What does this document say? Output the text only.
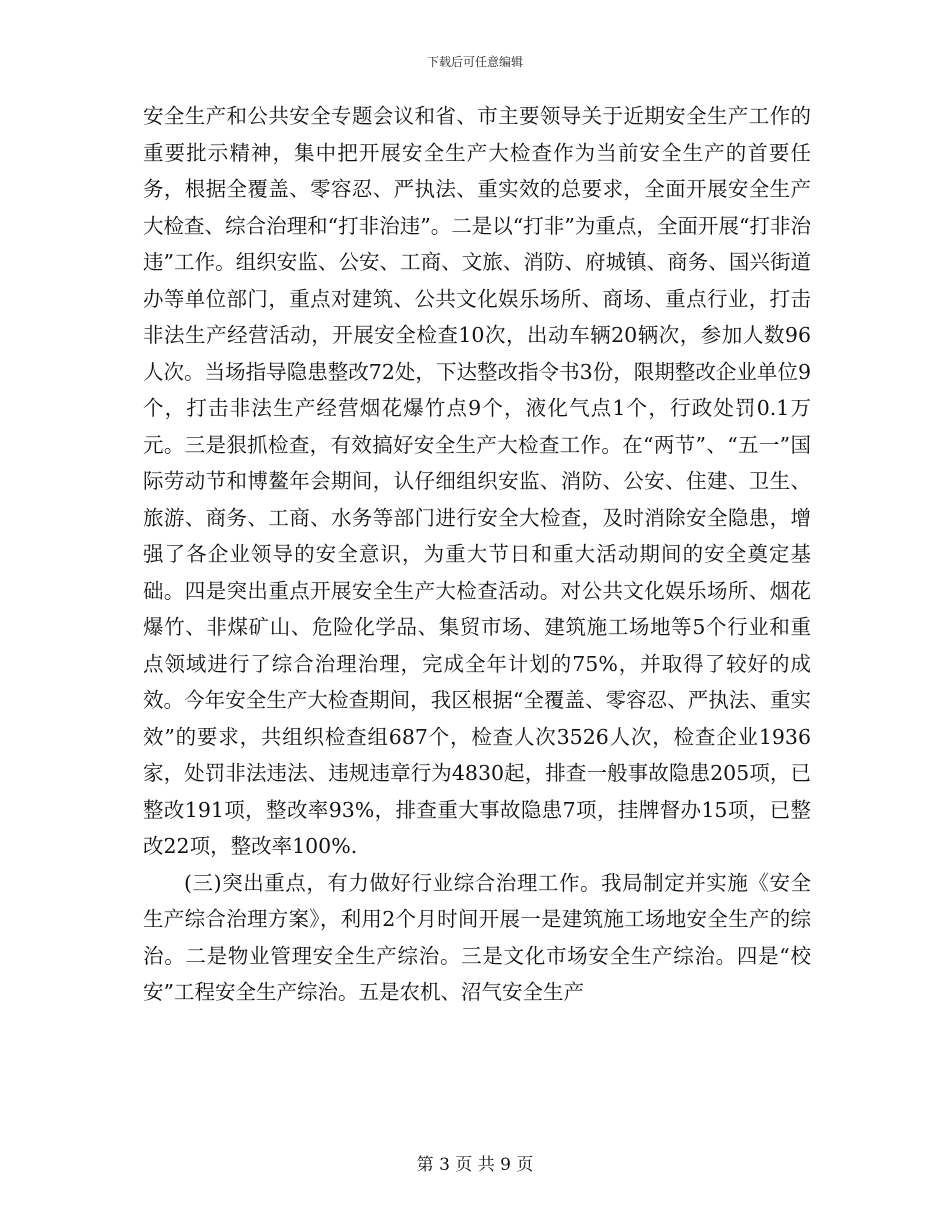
下载后可任意编辑

安全生产和公共安全专题会议和省、市主要领导关于近期安全生产工作的重要批示精神，集中把开展安全生产大检查作为当前安全生产的首要任务，根据全覆盖、零容忍、严执法、重实效的总要求，全面开展安全生产大检查、综合治理和“打非治违”。二是以“打非”为重点，全面开展“打非治违”工作。组织安监、公安、工商、文旅、消防、府城镇、商务、国兴街道办等单位部门，重点对建筑、公共文化娱乐场所、商场、重点行业，打击非法生产经营活动，开展安全检查10次，出动车辆20辆次，参加人数96人次。当场指导隐患整改72处，下达整改指令书3份，限期整改企业单位9个，打击非法生产经营烟花爆竹点9个，液化气点1个，行政处罚0.1万元。三是狠抓检查，有效搞好安全生产大检查工作。在“两节”、“五一”国际劳动节和博鳌年会期间，认仔细组织安监、消防、公安、住建、卫生、旅游、商务、工商、水务等部门进行安全大检查，及时消除安全隐患，增强了各企业领导的安全意识，为重大节日和重大活动期间的安全奠定基础。四是突出重点开展安全生产大检查活动。对公共文化娱乐场所、烟花爆竹、非煤矿山、危险化学品、集贸市场、建筑施工场地等5个行业和重点领域进行了综合治理治理，完成全年计划的75%，并取得了较好的成效。今年安全生产大检查期间，我区根据“全覆盖、零容忍、严执法、重实效”的要求，共组织检查组687个，检查人次3526人次，检查企业1936家，处罚非法违法、违规违章行为4830起，排查一般事故隐患205项，已整改191项，整改率93%，排查重大事故隐患7项，挂牌督办15项，已整改22项，整改率100%.

(三)突出重点，有力做好行业综合治理工作。我局制定并实施《安全生产综合治理方案》，利用2个月时间开展一是建筑施工场地安全生产的综治。二是物业管理安全生产综治。三是文化市场安全生产综治。四是“校安”工程安全生产综治。五是农机、沼气安全生产

第 3 页 共 9 页
